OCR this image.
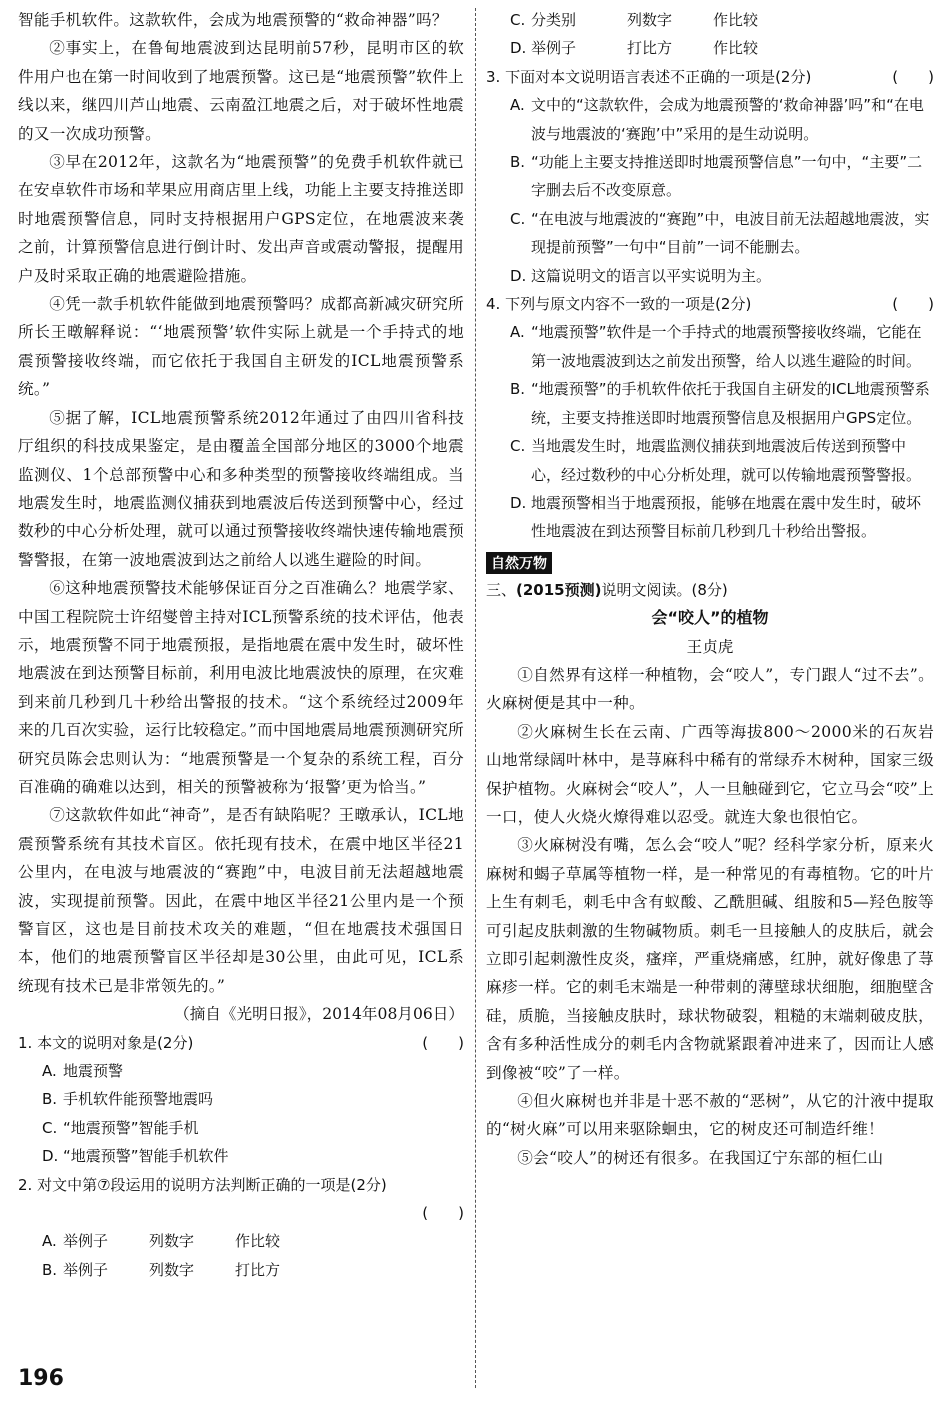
智能手机软件。这款软件，会成为地震预警的“救命神器”吗？

②事实上，在鲁甸地震波到达昆明前57秒，昆明市区的软件用户也在第一时间收到了地震预警。这已是“地震预警”软件上线以来，继四川芦山地震、云南盈江地震之后，对于破坏性地震的又一次成功预警。

③早在2012年，这款名为“地震预警”的免费手机软件就已在安卓软件市场和苹果应用商店里上线，功能上主要支持推送即时地震预警信息，同时支持根据用户GPS定位，在地震波来袭之前，计算预警信息进行倒计时、发出声音或震动警报，提醒用户及时采取正确的地震避险措施。

④凭一款手机软件能做到地震预警吗？成都高新减灾研究所所长王暾解释说：“‘地震预警’软件实际上就是一个手持式的地震预警接收终端，而它依托于我国自主研发的ICL地震预警系统。”

⑤据了解，ICL地震预警系统2012年通过了由四川省科技厅组织的科技成果鉴定，是由覆盖全国部分地区的3000个地震监测仪、1个总部预警中心和多种类型的预警接收终端组成。当地震发生时，地震监测仪捕获到地震波后传送到预警中心，经过数秒的中心分析处理，就可以通过预警接收终端快速传输地震预警警报，在第一波地震波到达之前给人以逃生避险的时间。

⑥这种地震预警技术能够保证百分之百准确么？地震学家、中国工程院院士许绍燮曾主持对ICL预警系统的技术评估，他表示，地震预警不同于地震预报，是指地震在震中发生时，破坏性地震波在到达预警目标前，利用电波比地震波快的原理，在灾难到来前几秒到几十秒给出警报的技术。“这个系统经过2009年来的几百次实验，运行比较稳定。”而中国地震局地震预测研究所研究员陈会忠则认为：“地震预警是一个复杂的系统工程，百分百准确的确难以达到，相关的预警被称为‘报警’更为恰当。”

⑦这款软件如此“神奇”，是否有缺陷呢？王暾承认，ICL地震预警系统有其技术盲区。依托现有技术，在震中地区半径21公里内，在电波与地震波的“赛跑”中，电波目前无法超越地震波，实现提前预警。因此，在震中地区半径21公里内是一个预警盲区，这也是目前技术攻关的难题，“但在地震技术强国日本，他们的地震预警盲区半径却是30公里，由此可见，ICL系统现有技术已是非常领先的。”

（摘自《光明日报》，2014年08月06日）

1. 本文的说明对象是(2分)	(　　)
A. 地震预警
B. 手机软件能预警地震吗
C. “地震预警”智能手机
D. “地震预警”智能手机软件
2. 对文中第⑦段运用的说明方法判断正确的一项是(2分)
(　　)
A. 举例子	列数字	作比较
B. 举例子	列数字	打比方
C. 分类别	列数字	作比较
D. 举例子	打比方	作比较
3. 下面对本文说明语言表述不正确的一项是(2分)	(　　)
A. 文中的“这款软件，会成为地震预警的‘救命神器’吗”和“在电波与地震波的‘赛跑’中”采用的是生动说明。
B. “功能上主要支持推送即时地震预警信息”一句中，“主要”二字删去后不改变原意。
C. “在电波与地震波的“赛跑”中，电波目前无法超越地震波，实现提前预警”一句中“目前”一词不能删去。
D. 这篇说明文的语言以平实说明为主。
4. 下列与原文内容不一致的一项是(2分)	(　　)
A. “地震预警”软件是一个手持式的地震预警接收终端，它能在第一波地震波到达之前发出预警，给人以逃生避险的时间。
B. “地震预警”的手机软件依托于我国自主研发的ICL地震预警系统，主要支持推送即时地震预警信息及根据用户GPS定位。
C. 当地震发生时，地震监测仪捕获到地震波后传送到预警中心，经过数秒的中心分析处理，就可以传输地震预警警报。
D. 地震预警相当于地震预报，能够在地震在震中发生时，破坏性地震波在到达预警目标前几秒到几十秒给出警报。
自然万物
三、(2015预测)说明文阅读。(8分)
会“咬人”的植物
王贞虎

①自然界有这样一种植物，会“咬人”，专门跟人“过不去”。火麻树便是其中一种。

②火麻树生长在云南、广西等海拔800～2000米的石灰岩山地常绿阔叶林中，是荨麻科中稀有的常绿乔木树种，国家三级保护植物。火麻树会“咬人”，人一旦触碰到它，它立马会“咬”上一口，使人火烧火燎得难以忍受。就连大象也很怕它。

③火麻树没有嘴，怎么会“咬人”呢？经科学家分析，原来火麻树和蝎子草属等植物一样，是一种常见的有毒植物。它的叶片上生有刺毛，刺毛中含有蚁酸、乙酰胆碱、组胺和5—羟色胺等可引起皮肤刺激的生物碱物质。刺毛一旦接触人的皮肤后，就会立即引起刺激性皮炎，瘙痒，严重烧痛感，红肿，就好像患了荨麻疹一样。它的刺毛末端是一种带刺的薄壁球状细胞，细胞壁含硅，质脆，当接触皮肤时，球状物破裂，粗糙的末端刺破皮肤，含有多种活性成分的刺毛内含物就紧跟着冲进来了，因而让人感到像被“咬”了一样。

④但火麻树也并非是十恶不赦的“恶树”，从它的汁液中提取的“树火麻”可以用来驱除蛔虫，它的树皮还可制造纤维！

⑤会“咬人”的树还有很多。在我国辽宁东部的桓仁山

196
